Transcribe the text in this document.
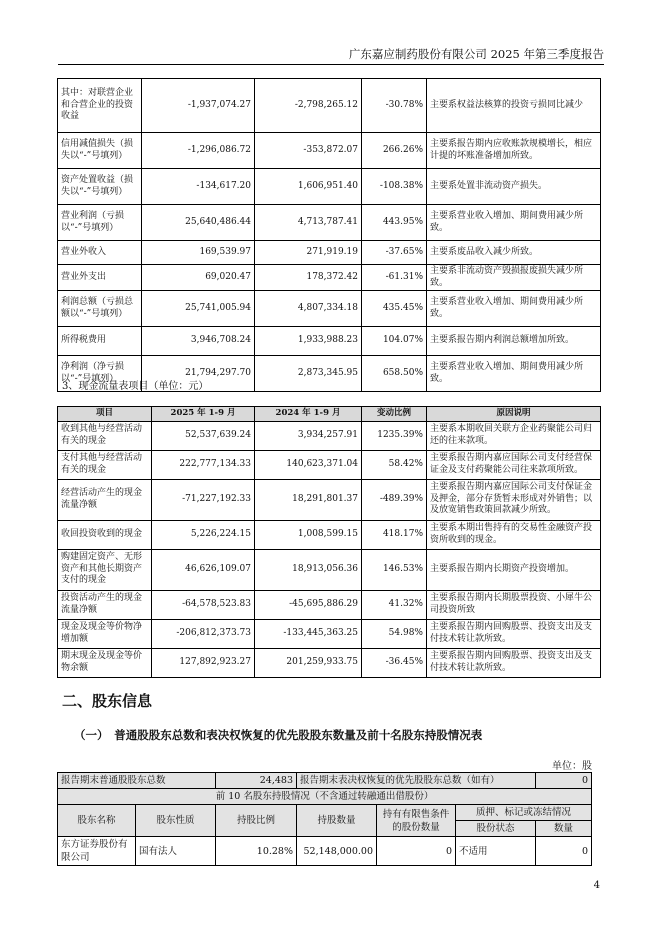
广东嘉应制药股份有限公司 2025 年第三季度报告
其中：对联营企业和合营企业的投资收益	-1,937,074.27	-2,798,265.12	-30.78%	主要系权益法核算的投资亏损同比减少
信用减值损失（损失以“-”号填列）	-1,296,086.72	-353,872.07	266.26%	主要系报告期内应收账款规模增长，相应计提的坏账准备增加所致。
资产处置收益（损失以“-”号填列）	-134,617.20	1,606,951.40	-108.38%	主要系处置非流动资产损失。
营业利润（亏损以“-”号填列）	25,640,486.44	4,713,787.41	443.95%	主要系营业收入增加、期间费用减少所致。
营业外收入	169,539.97	271,919.19	-37.65%	主要系废品收入减少所致。
营业外支出	69,020.47	178,372.42	-61.31%	主要系非流动资产毁损报废损失减少所致。
利润总额（亏损总额以“-”号填列）	25,741,005.94	4,807,334.18	435.45%	主要系营业收入增加、期间费用减少所致。
所得税费用	3,946,708.24	1,933,988.23	104.07%	主要系报告期内利润总额增加所致。
净利润（净亏损以“-”号填列）	21,794,297.70	2,873,345.95	658.50%	主要系营业收入增加、期间费用减少所致。
3、现金流量表项目（单位：元）
项目	2025 年 1-9 月	2024 年 1-9 月	变动比例	原因说明
收到其他与经营活动有关的现金	52,537,639.24	3,934,257.91	1235.39%	主要系本期收回关联方企业药聚能公司归还的往来款项。
支付其他与经营活动有关的现金	222,777,134.33	140,623,371.04	58.42%	主要系报告期内嘉应国际公司支付经营保证金及支付药聚能公司往来款项所致。
经营活动产生的现金流量净额	-71,227,192.33	18,291,801.37	-489.39%	主要系报告期内嘉应国际公司支付保证金及押金，部分存货暂未形成对外销售；以及放宽销售政策回款减少所致。
收回投资收到的现金	5,226,224.15	1,008,599.15	418.17%	主要系本期出售持有的交易性金融资产投资所收到的现金。
购建固定资产、无形资产和其他长期资产支付的现金	46,626,109.07	18,913,056.36	146.53%	主要系报告期内长期资产投资增加。
投资活动产生的现金流量净额	-64,578,523.83	-45,695,886.29	41.32%	主要系报告期内长期股票投资、小犀牛公司投资所致
现金及现金等价物净增加额	-206,812,373.73	-133,445,363.25	54.98%	主要系报告期内回购股票、投资支出及支付技术转让款所致。
期末现金及现金等价物余额	127,892,923.27	201,259,933.75	-36.45%	主要系报告期内回购股票、投资支出及支付技术转让款所致。
二、股东信息
（一）　普通股股东总数和表决权恢复的优先股股东数量及前十名股东持股情况表
单位：股
报告期末普通股股东总数		24,483	报告期末表决权恢复的优先股股东总数（如有）			0
前 10 名股东持股情况（不含通过转融通出借股份）						
股东名称	股东性质	持股比例	持股数量	持有有限售条件的股份数量	质押、标记或冻结情况	
					股份状态	数量
东方证券股份有限公司	国有法人	10.28%	52,148,000.00	0	不适用	0
4
